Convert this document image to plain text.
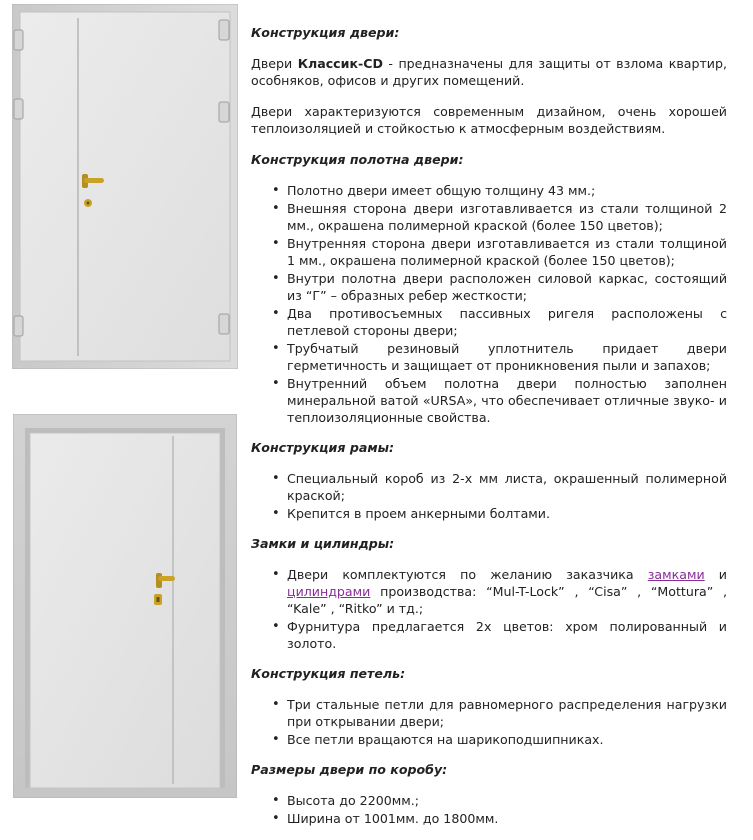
Конструкция двери:
Двери Классик-CD - предназначены для защиты от взлома квартир, особняков, офисов и других помещений.
Двери характеризуются современным дизайном, очень хорошей теплоизоляцией и стойкостью к атмосферным воздействиям.
Конструкция полотна двери:
• Полотно двери имеет общую толщину 43 мм.;
• Внешняя сторона двери изготавливается из стали толщиной 2 мм., окрашена полимерной краской (более 150 цветов);
• Внутренняя сторона двери изготавливается из стали толщиной 1 мм., окрашена полимерной краской (более 150 цветов);
• Внутри полотна двери расположен силовой каркас, состоящий из “Г” – образных ребер жесткости;
• Два противосъемных пассивных ригеля расположены с петлевой стороны двери;
• Трубчатый резиновый уплотнитель придает двери герметичность и защищает от проникновения пыли и запахов;
• Внутренний объем полотна двери полностью заполнен минеральной ватой «URSA», что обеспечивает отличные звуко- и теплоизоляционные свойства.
Конструкция рамы:
• Специальный короб из 2-х мм листа, окрашенный полимерной краской;
• Крепится в проем анкерными болтами.
Замки и цилиндры:
• Двери комплектуются по желанию заказчика замками и цилиндрами производства: “Mul-T-Lock” , “Cisa” , “Mottura” , “Kale” , “Ritko” и тд.;
• Фурнитура предлагается 2х цветов: хром полированный и золото.
Конструкция петель:
• Три стальные петли для равномерного распределения нагрузки при открывании двери;
• Все петли вращаются на шарикоподшипниках.
Размеры двери по коробу:
• Высота до 2200мм.;
• Ширина от 1001мм. до 1800мм.
